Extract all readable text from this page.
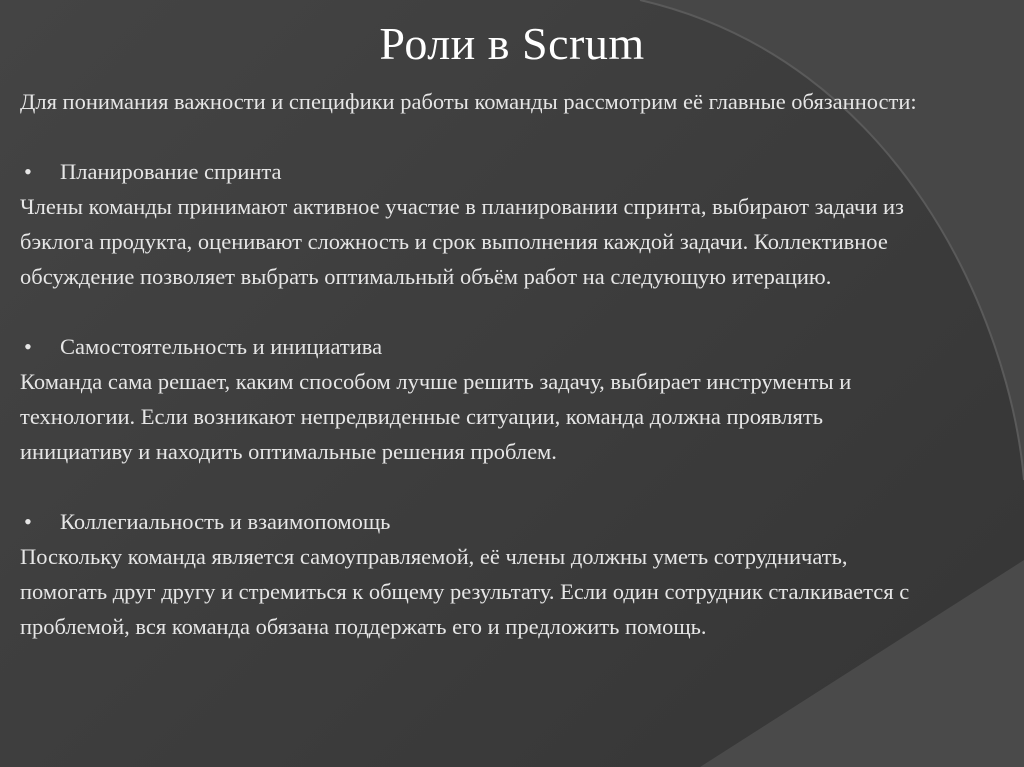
Роли в Scrum

Для понимания важности и специфики работы команды рассмотрим её главные обязанности:

•	Планирование спринта

Члены команды принимают активное участие в планировании спринта, выбирают задачи из бэклога продукта, оценивают сложность и срок выполнения каждой задачи. Коллективное обсуждение позволяет выбрать оптимальный объём работ на следующую итерацию.

•	Самостоятельность и инициатива

Команда сама решает, каким способом лучше решить задачу, выбирает инструменты и технологии. Если возникают непредвиденные ситуации, команда должна проявлять инициативу и находить оптимальные решения проблем.

•	Коллегиальность и взаимопомощь

Поскольку команда является самоуправляемой, её члены должны уметь сотрудничать, помогать друг другу и стремиться к общему результату. Если один сотрудник сталкивается с проблемой, вся команда обязана поддержать его и предложить помощь.
